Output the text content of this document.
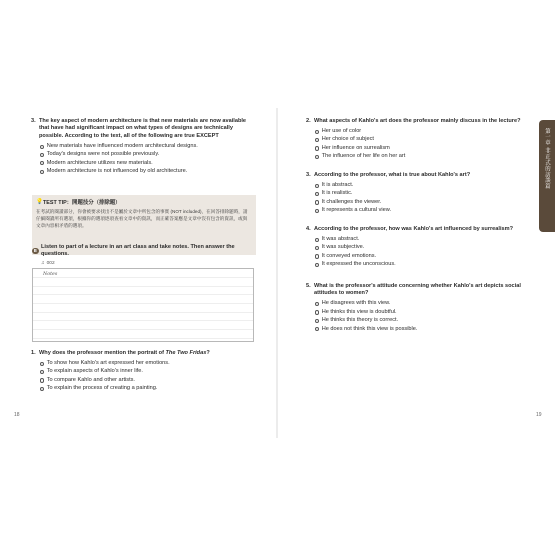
3. The key aspect of modern architecture is that new materials are now available that have had significant impact on what types of designs are technically possible. According to the text, all of the following are true EXCEPT
New materials have influenced modern architectural designs.
Today's designs were not possible previously.
Modern architecture utilizes new materials.
Modern architecture is not influenced by old architecture.
💡 TEST TIP：開題技分（排除題）
在考試的閱讀部分，你會被要求找出不是屬於文章中所包含的事實 (NOT included)，在回答排除題時，請仔細閱讀所有選項，根據你的選項逐項查看文章中的資訊，而正確答案應是文章中沒有包含的資訊，或與文章內容相矛盾的選項。
B
Listen to part of a lecture in an art class and take notes. Then answer the questions.
♫ 002
Notes
1. Why does the professor mention the portrait of The Two Fridas?
To show how Kahlo's art expressed her emotions.
To explain aspects of Kahlo's inner life.
To compare Kahlo and other artists.
To explain the process of creating a painting.
18
2. What aspects of Kahlo's art does the professor mainly discuss in the lecture?
Her use of color
Her choice of subject
Her influence on surrealism
The influence of her life on her art
3. According to the professor, what is true about Kahlo's art?
It is abstract.
It is realistic.
It challenges the viewer.
It represents a cultural view.
4. According to the professor, how was Kahlo's art influenced by surrealism?
It was abstract.
It was subjective.
It conveyed emotions.
It expressed the unconscious.
5. What is the professor's attitude concerning whether Kahlo's art depicts social attitudes to women?
He disagrees with this view.
He thinks this view is doubtful.
He thinks this theory is correct.
He does not think this view is possible.
19
第一章 非正式的訪談篇
